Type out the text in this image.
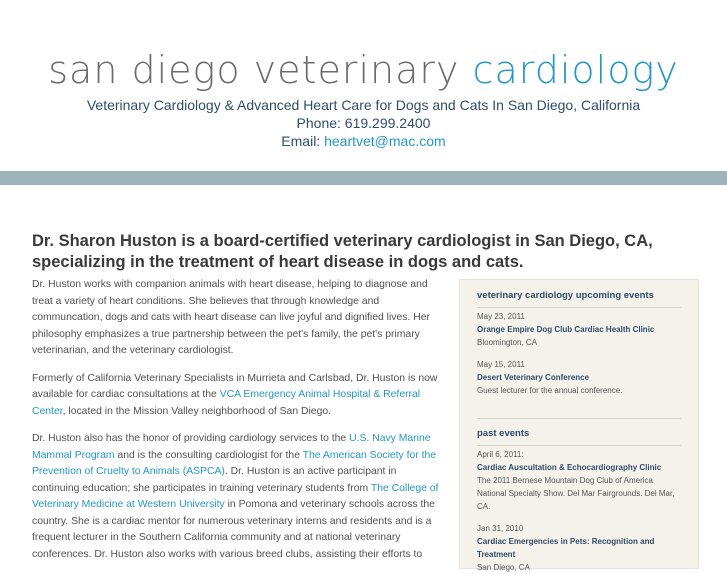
san diego veterinary cardiology
Veterinary Cardiology & Advanced Heart Care for Dogs and Cats In San Diego, California
Phone: 619.299.2400
Email: heartvet@mac.com
Dr. Sharon Huston is a board-certified veterinary cardiologist in San Diego, CA, specializing in the treatment of heart disease in dogs and cats.

Dr. Huston works with companion animals with heart disease, helping to diagnose and treat a variety of heart conditions. She believes that through knowledge and communcation, dogs and cats with heart disease can live joyful and dignified lives. Her philosophy emphasizes a true partnership between the pet's family, the pet's primary veterinarian, and the veterinary cardiologist.

Formerly of California Veterinary Specialists in Murrieta and Carlsbad, Dr. Huston is now available for cardiac consultations at the VCA Emergency Animal Hospital & Referral Center, located in the Mission Valley neighborhood of San Diego.

Dr. Huston also has the honor of providing cardiology services to the U.S. Navy Marine Mammal Program and is the consulting cardiologist for the The American Society for the Prevention of Cruelty to Animals (ASPCA). Dr. Huston is an active participant in continuing education; she participates in training veterinary students from The College of Veterinary Medicine at Western University in Pomona and veterinary schools across the country. She is a cardiac mentor for numerous veterinary interns and residents and is a frequent lecturer in the Southern California community and at national veterinary conferences. Dr. Huston also works with various breed clubs, assisting their efforts to

veterinary cardiology upcoming events
May 23, 2011
Orange Empire Dog Club Cardiac Health Clinic
Bloomington, CA
May 15, 2011
Desert Veterinary Conference
Guest lecturer for the annual conference.
past events
April 6, 2011:
Cardiac Auscultation & Echocardiography Clinic
The 2011 Bernese Mountain Dog Club of America National Specialty Show. Del Mar Fairgrounds. Del Mar, CA.
Jan 31, 2010
Cardiac Emergencies in Pets: Recognition and Treatment
San Diego, CA
